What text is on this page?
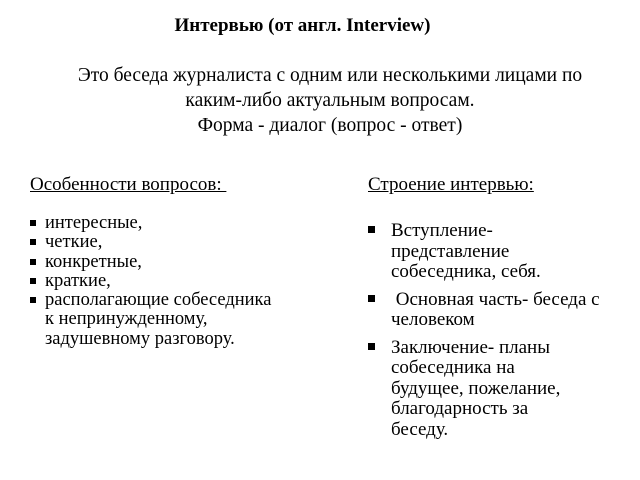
Интервью (от англ. Interview)
Это беседа журналиста с одним или несколькими лицами по
каким-либо актуальным вопросам.
Форма - диалог (вопрос - ответ)
Особенности вопросов:
интересные,
четкие,
конкретные,
краткие,
располагающие собеседника к непринужденному, задушевному разговору.
Строение интервью:
Вступление-представление собеседника, себя.
Основная часть- беседа с человеком
Заключение- планы собеседника на будущее, пожелание, благодарность за беседу.
